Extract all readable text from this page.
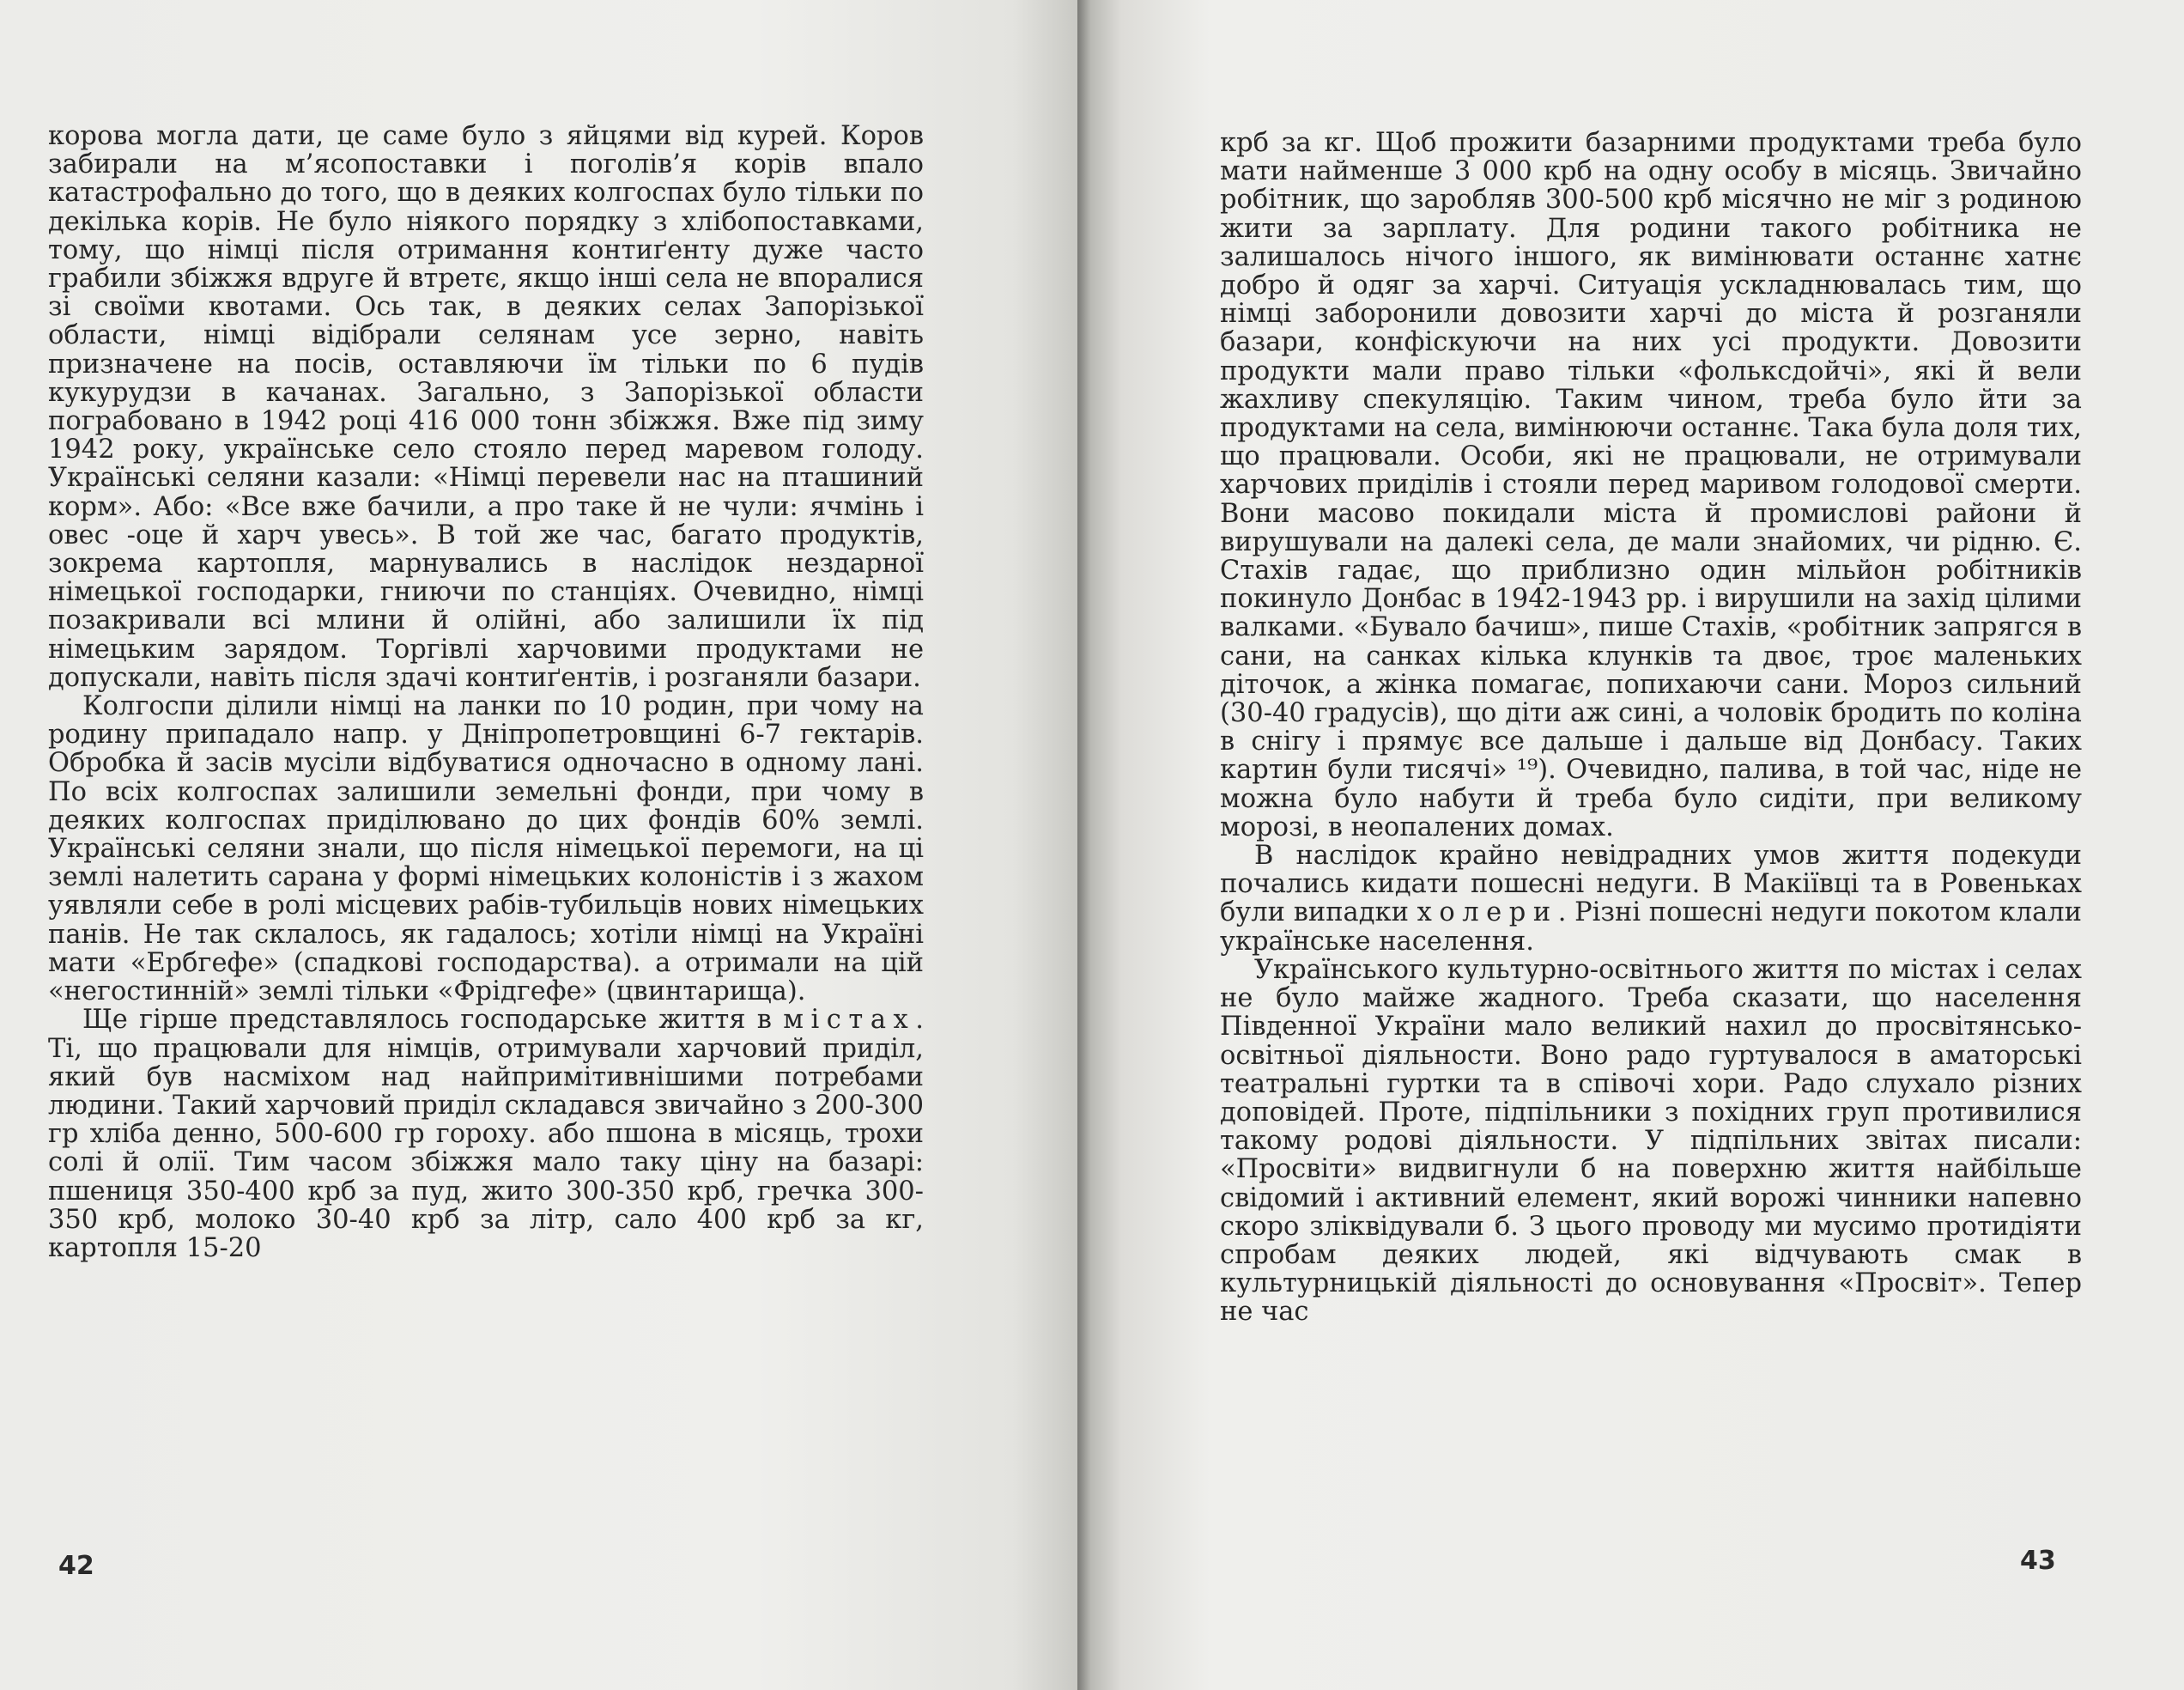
корова могла дати, це саме було з яйцями від курей. Коров забирали на м’ясопоставки і поголів’я корів впало катастрофально до того, що в деяких колгоспах було тільки по декілька корів. Не було ніякого порядку з хлібопоставками, тому, що німці після отримання контиґенту дуже часто грабили збіжжя вдруге й втретє, якщо інші села не впоралися зі своїми квотами. Ось так, в деяких селах Запорізької области, німці відібрали селянам усе зерно, навіть призначене на посів, оставляючи їм тільки по 6 пудів кукурудзи в качанах. Загально, з Запорізької области пограбовано в 1942 році 416 000 тонн збіжжя. Вже під зиму 1942 року, українське село стояло перед маревом голоду. Українські селяни казали: «Німці перевели нас на пташиний корм». Або: «Все вже бачили, а про таке й не чули: ячмінь і овес -оце й харч увесь». В той же час, багато продуктів, зокрема картопля, марнувались в наслідок нездарної німецької господарки, гниючи по станціях. Очевидно, німці позакривали всі млини й олійні, або залишили їх під німецьким зарядом. Торгівлі харчовими продуктами не допускали, навіть після здачі контиґентів, і розганяли базари.

Колгоспи ділили німці на ланки по 10 родин, при чому на родину припадало напр. у Дніпропетровщині 6-7 гектарів. Обробка й засів мусіли відбуватися одночасно в одному лані. По всіх колгоспах залишили земельні фонди, при чому в деяких колгоспах приділювано до цих фондів 60% землі. Українські селяни знали, що після німецької перемоги, на ці землі налетить сарана у формі німецьких колоністів і з жахом уявляли себе в ролі місцевих рабів-тубильців нових німецьких панів. Не так склалось, як гадалось; хотіли німці на Україні мати «Ербгефе» (спадкові господарства). а отримали на цій «негостинній» землі тільки «Фрідгефе» (цвинтарища).

Ще гірше представлялось господарське життя в містах. Ті, що працювали для німців, отримували харчовий приділ, який був насміхом над найпримітивнішими потребами людини. Такий харчовий приділ складався звичайно з 200-300 гр хліба денно, 500-600 гр гороху. або пшона в місяць, трохи солі й олії. Тим часом збіжжя мало таку ціну на базарі: пшениця 350-400 крб за пуд, жито 300-350 крб, гречка 300-350 крб, молоко 30-40 крб за літр, сало 400 крб за кг, картопля 15-20

42

крб за кг. Щоб прожити базарними продуктами треба було мати найменше 3 000 крб на одну особу в місяць. Звичайно робітник, що заробляв 300-500 крб місячно не міг з родиною жити за зарплату. Для родини такого робітника не залишалось нічого іншого, як вимінювати останнє хатнє добро й одяг за харчі. Ситуація ускладнювалась тим, що німці заборонили довозити харчі до міста й розганяли базари, конфіскуючи на них усі продукти. Довозити продукти мали право тільки «фольксдойчі», які й вели жахливу спекуляцію. Таким чином, треба було йти за продуктами на села, вимінюючи останнє. Така була доля тих, що працювали. Особи, які не працювали, не отримували харчових приділів і стояли перед маривом голодової смерти. Вони масово покидали міста й промислові райони й вирушували на далекі села, де мали знайомих, чи рідню. Є. Стахів гадає, що приблизно один мільйон робітників покинуло Донбас в 1942-1943 рр. і вирушили на захід цілими валками. «Бувало бачиш», пише Стахів, «робітник запрягся в сани, на санках кілька клунків та двоє, троє маленьких діточок, а жінка помагає, попихаючи сани. Мороз сильний (30-40 градусів), що діти аж сині, а чоловік бродить по коліна в снігу і прямує все дальше і дальше від Донбасу. Таких картин були тисячі» ¹⁹). Очевидно, палива, в той час, ніде не можна було набути й треба було сидіти, при великому морозі, в неопалених домах.

В наслідок крайно невідрадних умов життя подекуди почались кидати пошесні недуги. В Макіївці та в Ровеньках були випадки холери. Різні пошесні недуги покотом клали українське населення.

Українського культурно-освітнього життя по містах і селах не було майже жадного. Треба сказати, що населення Південної України мало великий нахил до просвітянсько-освітньої діяльности. Воно радо гуртувалося в аматорські театральні гуртки та в співочі хори. Радо слухало різних доповідей. Проте, підпільники з похідних груп противилися такому родові діяльности. У підпільних звітах писали: «Просвіти» видвигнули б на поверхню життя найбільше свідомий і активний елемент, який ворожі чинники напевно скоро зліквідували б. З цього проводу ми мусимо протидіяти спробам деяких людей, які відчувають смак в культурницькій діяльності до основування «Просвіт». Тепер не час

43
